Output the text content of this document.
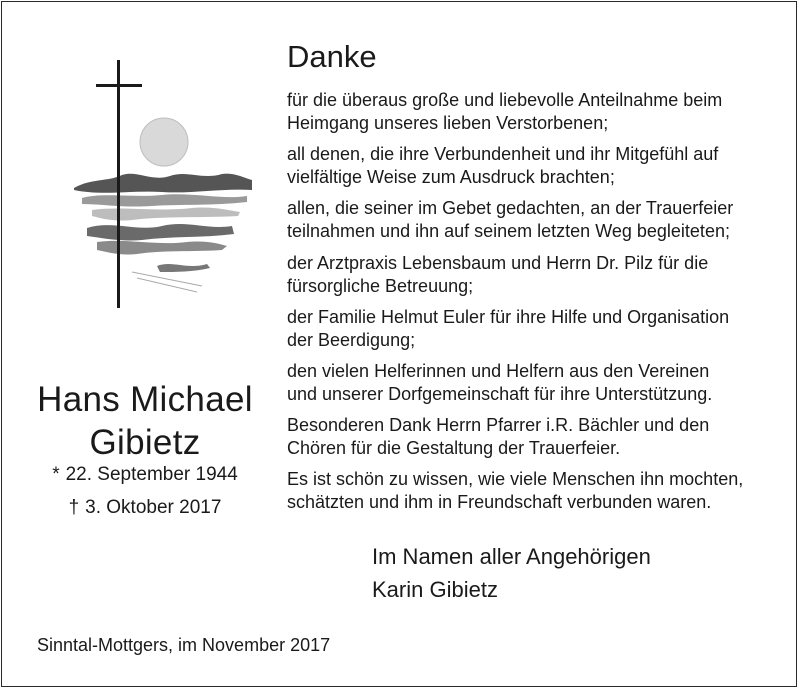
Hans Michael
Gibietz
* 22. September 1944
† 3. Oktober 2017
Danke

für die überaus große und liebevolle Anteilnahme beim
Heimgang unseres lieben Verstorbenen;

all denen, die ihre Verbundenheit und ihr Mitgefühl auf
vielfältige Weise zum Ausdruck brachten;

allen, die seiner im Gebet gedachten, an der Trauerfeier
teilnahmen und ihn auf seinem letzten Weg begleiteten;

der Arztpraxis Lebensbaum und Herrn Dr. Pilz für die
fürsorgliche Betreuung;

der Familie Helmut Euler für ihre Hilfe und Organisation
der Beerdigung;

den vielen Helferinnen und Helfern aus den Vereinen
und unserer Dorfgemeinschaft für ihre Unterstützung.

Besonderen Dank Herrn Pfarrer i.R. Bächler und den
Chören für die Gestaltung der Trauerfeier.

Es ist schön zu wissen, wie viele Menschen ihn mochten,
schätzten und ihm in Freundschaft verbunden waren.

Im Namen aller Angehörigen
Karin Gibietz
Sinntal-Mottgers, im November 2017
